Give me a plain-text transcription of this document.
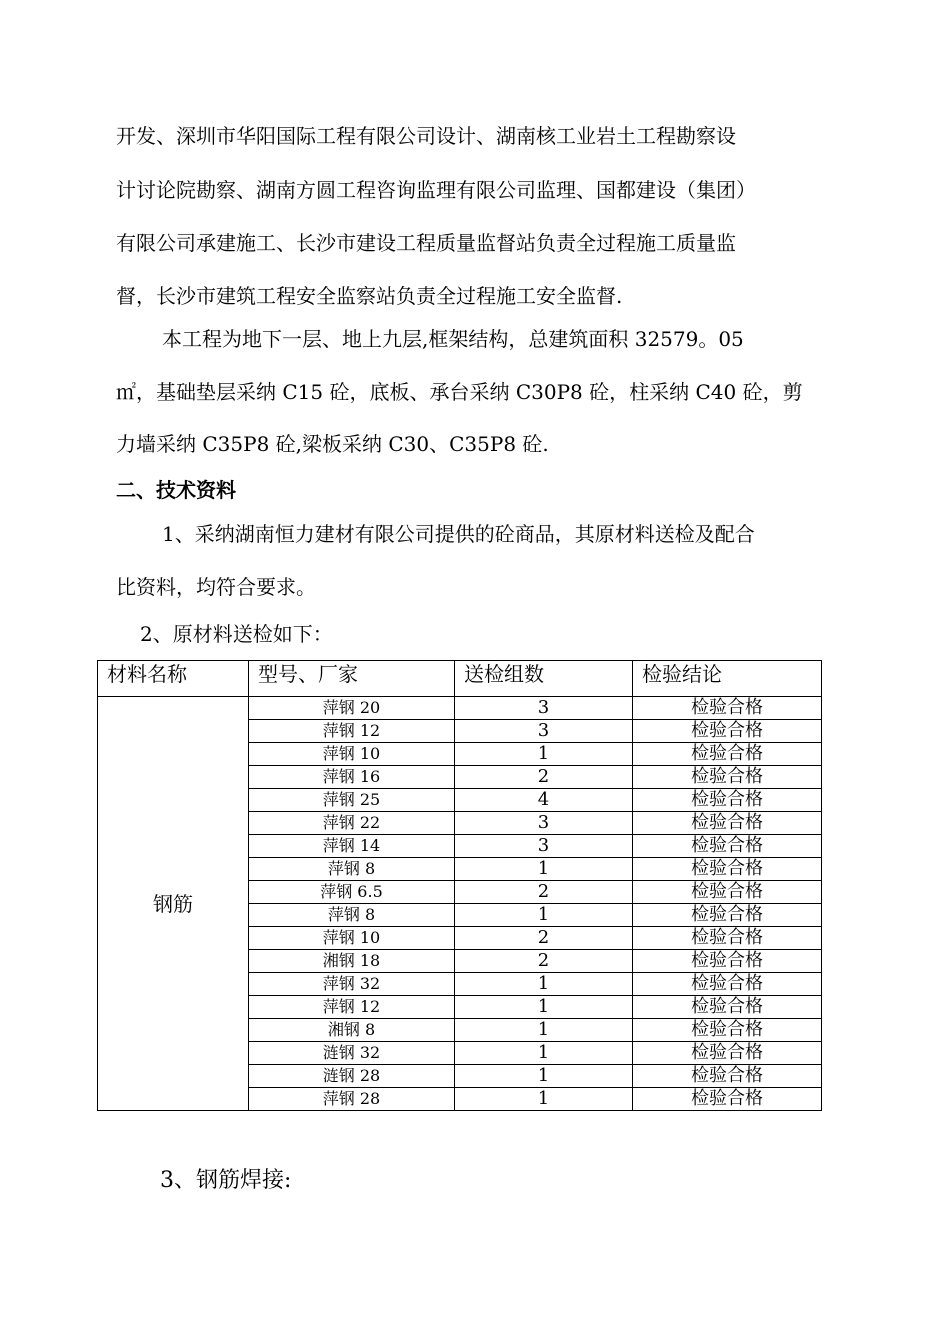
开发、深圳市华阳国际工程有限公司设计、湖南核工业岩土工程勘察设
计讨论院勘察、湖南方圆工程咨询监理有限公司监理、国都建设（集团）
有限公司承建施工、长沙市建设工程质量监督站负责全过程施工质量监
督，长沙市建筑工程安全监察站负责全过程施工安全监督.
本工程为地下一层、地上九层,框架结构，总建筑面积 32579。05
㎡，基础垫层采纳 C15 砼，底板、承台采纳 C30P8 砼，柱采纳 C40 砼，剪
力墙采纳 C35P8 砼,梁板采纳 C30、C35P8 砼.
二、技术资料
1、采纳湖南恒力建材有限公司提供的砼商品，其原材料送检及配合
比资料，均符合要求。
2、原材料送检如下：
材料名称	型号、厂家	送检组数	检验结论
钢筋	萍钢 20	3	检验合格
	萍钢 12	3	检验合格
	萍钢 10	1	检验合格
	萍钢 16	2	检验合格
	萍钢 25	4	检验合格
	萍钢 22	3	检验合格
	萍钢 14	3	检验合格
	萍钢 8	1	检验合格
	萍钢 6.5	2	检验合格
	萍钢 8	1	检验合格
	萍钢 10	2	检验合格
	湘钢 18	2	检验合格
	萍钢 32	1	检验合格
	萍钢 12	1	检验合格
	湘钢 8	1	检验合格
	涟钢 32	1	检验合格
	涟钢 28	1	检验合格
	萍钢 28	1	检验合格
3、钢筋焊接:
